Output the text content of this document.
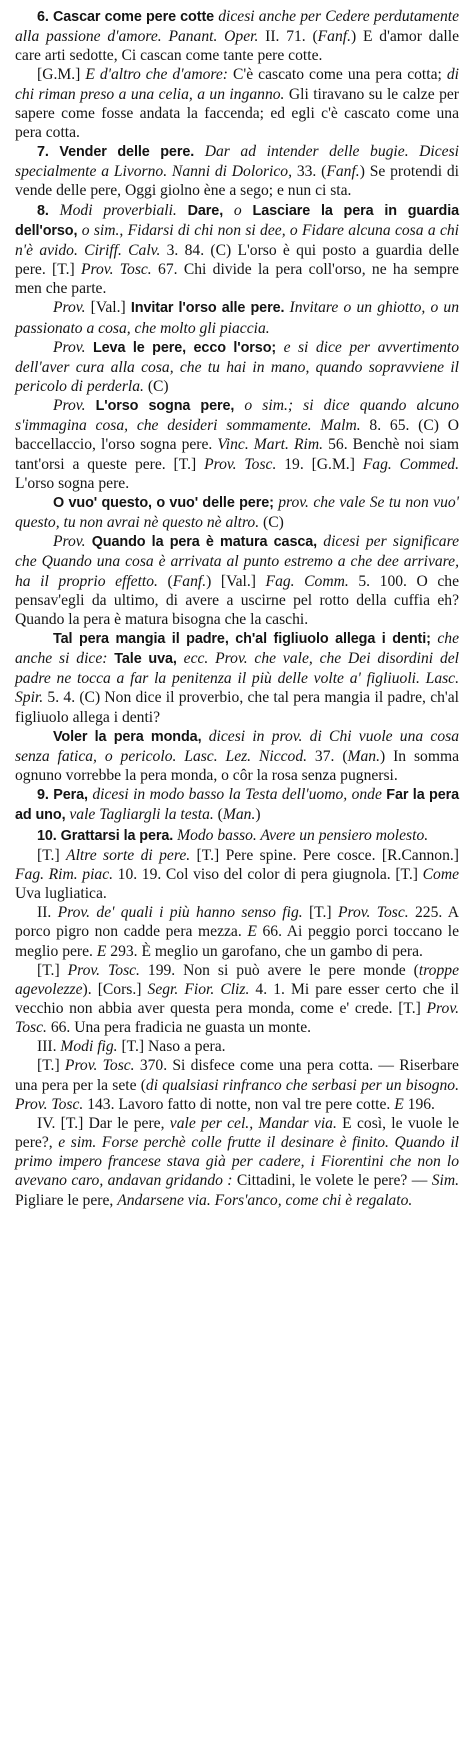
6. Cascar come pere cotte dicesi anche per Cedere perdutamente alla passione d'amore. Panant. Oper. II. 71. (Fanf.) E d'amor dalle care arti sedotte, Ci cascan come tante pere cotte.

[G.M.] E d'altro che d'amore: C'è cascato come una pera cotta; di chi riman preso a una celia, a un inganno. Gli tiravano su le calze per sapere come fosse andata la faccenda; ed egli c'è cascato come una pera cotta.

7. Vender delle pere. Dar ad intender delle bugie. Dicesi specialmente a Livorno. Nanni di Dolorico, 33. (Fanf.) Se protendi di vende delle pere, Oggi giolno ène a sego; e nun ci sta.

8. Modi proverbiali. Dare, o Lasciare la pera in guardia dell'orso, o sim., Fidarsi di chi non si dee, o Fidare alcuna cosa a chi n'è avido. Ciriff. Calv. 3. 84. (C) L'orso è qui posto a guardia delle pere. [T.] Prov. Tosc. 67. Chi divide la pera coll'orso, ne ha sempre men che parte.

Prov. [Val.] Invitar l'orso alle pere. Invitare o un ghiotto, o un passionato a cosa, che molto gli piaccia.

Prov. Leva le pere, ecco l'orso; e si dice per avvertimento dell'aver cura alla cosa, che tu hai in mano, quando sopravviene il pericolo di perderla. (C)

Prov. L'orso sogna pere, o sim.; si dice quando alcuno s'immagina cosa, che desideri sommamente. Malm. 8. 65. (C) O baccellaccio, l'orso sogna pere. Vinc. Mart. Rim. 56. Benchè noi siam tant'orsi a queste pere. [T.] Prov. Tosc. 19. [G.M.] Fag. Commed. L'orso sogna pere.

O vuo' questo, o vuo' delle pere; prov. che vale Se tu non vuo' questo, tu non avrai nè questo nè altro. (C)

Prov. Quando la pera è matura casca, dicesi per significare che Quando una cosa è arrivata al punto estremo a che dee arrivare, ha il proprio effetto. (Fanf.) [Val.] Fag. Comm. 5. 100. O che pensav'egli da ultimo, di avere a uscirne pel rotto della cuffia eh? Quando la pera è matura bisogna che la caschi.

Tal pera mangia il padre, ch'al figliuolo allega i denti; che anche si dice: Tale uva, ecc. Prov. che vale, che Dei disordini del padre ne tocca a far la penitenza il più delle volte a' figliuoli. Lasc. Spir. 5. 4. (C) Non dice il proverbio, che tal pera mangia il padre, ch'al figliuolo allega i denti?

Voler la pera monda, dicesi in prov. di Chi vuole una cosa senza fatica, o pericolo. Lasc. Lez. Niccod. 37. (Man.) In somma ognuno vorrebbe la pera monda, o côr la rosa senza pugnersi.

9. Pera, dicesi in modo basso la Testa dell'uomo, onde Far la pera ad uno, vale Tagliargli la testa. (Man.)

10. Grattarsi la pera. Modo basso. Avere un pensiero molesto.

[T.] Altre sorte di pere. [T.] Pere spine. Pere cosce. [R.Cannon.] Fag. Rim. piac. 10. 19. Col viso del color di pera giugnola. [T.] Come Uva lugliatica.

II. Prov. de' quali i più hanno senso fig. [T.] Prov. Tosc. 225. A porco pigro non cadde pera mezza. E 66. Ai peggio porci toccano le meglio pere. E 293. È meglio un garofano, che un gambo di pera.

[T.] Prov. Tosc. 199. Non si può avere le pere monde (troppe agevolezze). [Cors.] Segr. Fior. Cliz. 4. 1. Mi pare esser certo che il vecchio non abbia aver questa pera monda, come e' crede. [T.] Prov. Tosc. 66. Una pera fradicia ne guasta un monte.

III. Modi fig. [T.] Naso a pera.

[T.] Prov. Tosc. 370. Si disfece come una pera cotta. — Riserbare una pera per la sete (di qualsiasi rinfranco che serbasi per un bisogno. Prov. Tosc. 143. Lavoro fatto di notte, non val tre pere cotte. E 196.

IV. [T.] Dar le pere, vale per cel., Mandar via. E così, le vuole le pere?, e sim. Forse perchè colle frutte il desinare è finito. Quando il primo impero francese stava già per cadere, i Fiorentini che non lo avevano caro, andavan gridando : Cittadini, le volete le pere? — Sim. Pigliare le pere, Andarsene via. Fors'anco, come chi è regalato.
